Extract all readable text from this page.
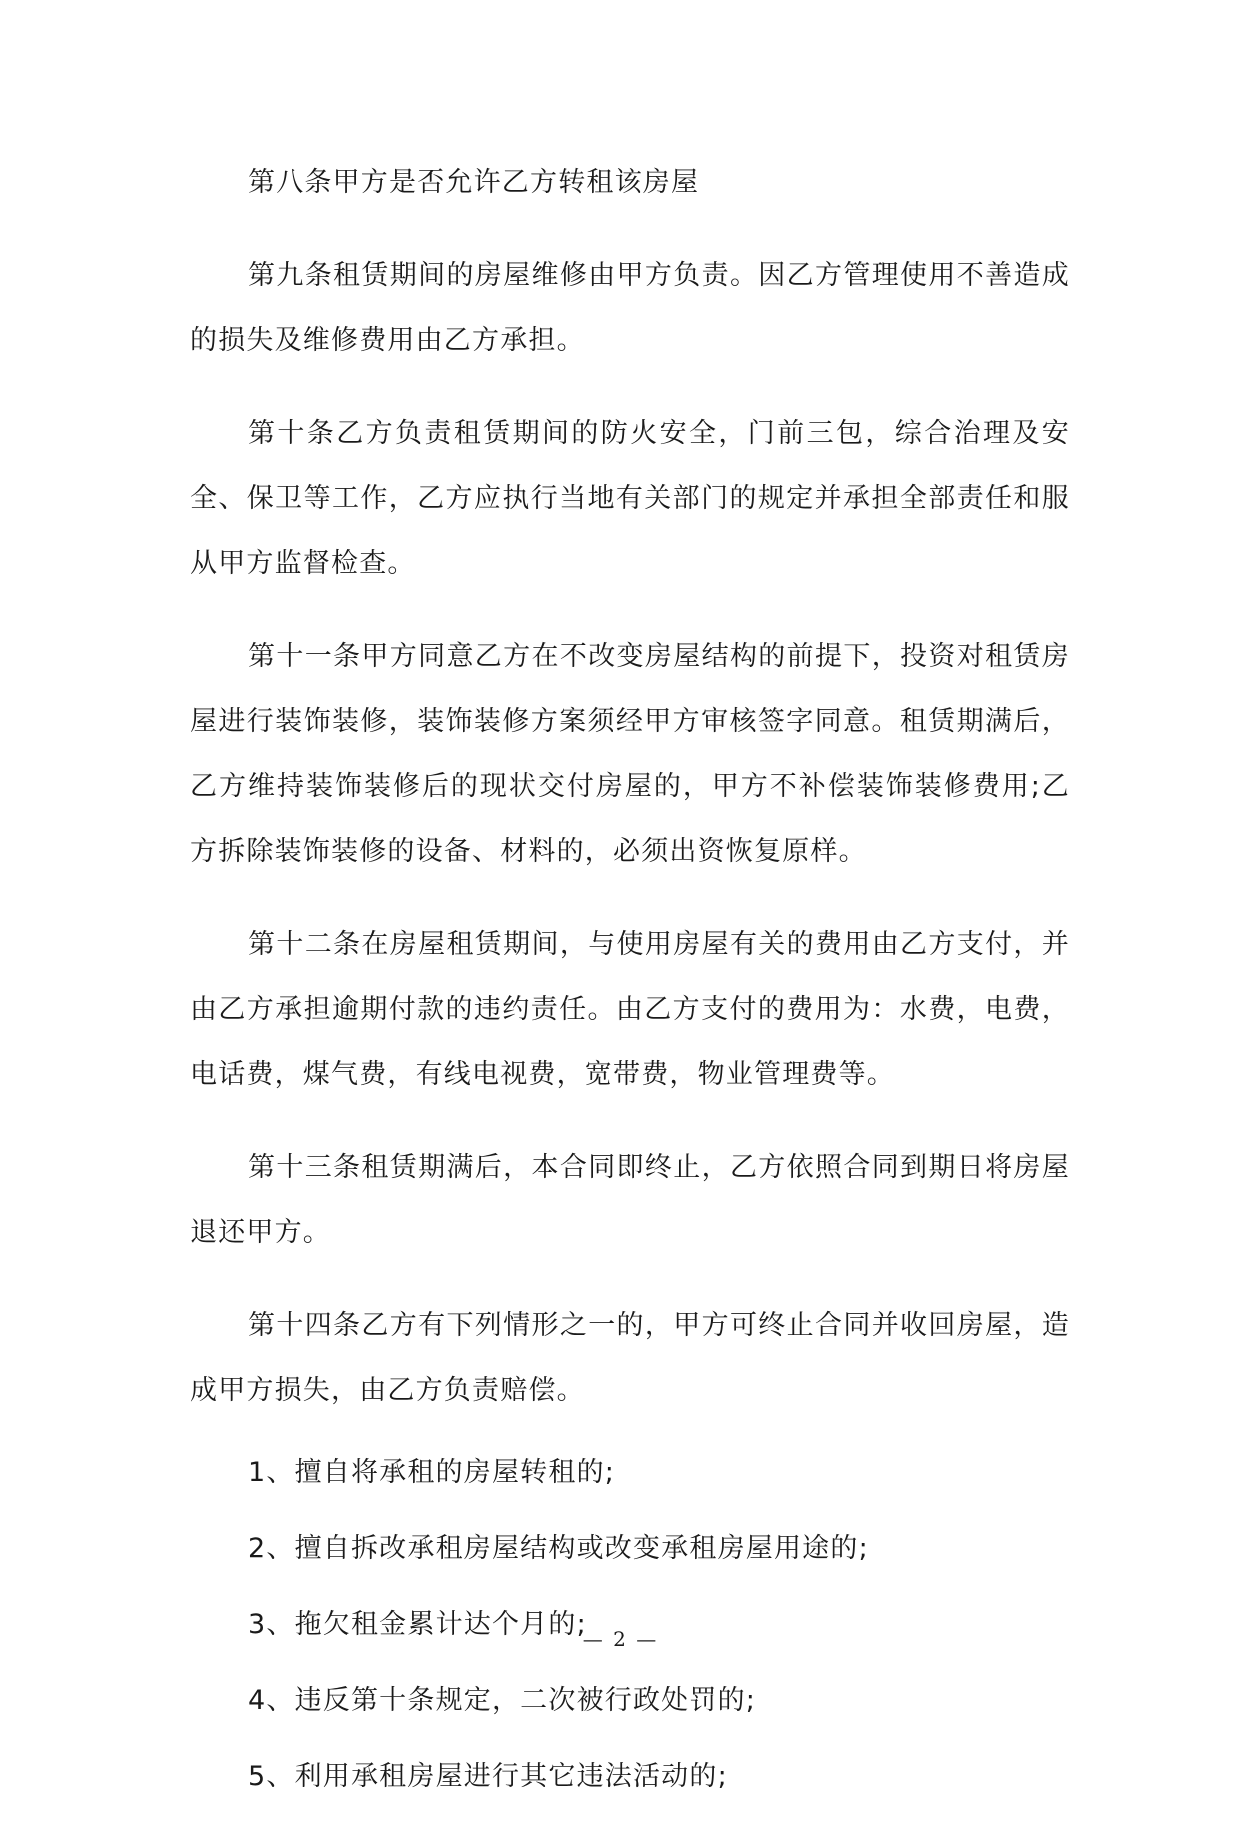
第八条甲方是否允许乙方转租该房屋

第九条租赁期间的房屋维修由甲方负责。因乙方管理使用不善造成的损失及维修费用由乙方承担。

第十条乙方负责租赁期间的防火安全，门前三包，综合治理及安全、保卫等工作，乙方应执行当地有关部门的规定并承担全部责任和服从甲方监督检查。

第十一条甲方同意乙方在不改变房屋结构的前提下，投资对租赁房屋进行装饰装修，装饰装修方案须经甲方审核签字同意。租赁期满后，乙方维持装饰装修后的现状交付房屋的，甲方不补偿装饰装修费用;乙方拆除装饰装修的设备、材料的，必须出资恢复原样。

第十二条在房屋租赁期间，与使用房屋有关的费用由乙方支付，并由乙方承担逾期付款的违约责任。由乙方支付的费用为：水费，电费，电话费，煤气费，有线电视费，宽带费，物业管理费等。

第十三条租赁期满后，本合同即终止，乙方依照合同到期日将房屋退还甲方。

第十四条乙方有下列情形之一的，甲方可终止合同并收回房屋，造成甲方损失，由乙方负责赔偿。

1、擅自将承租的房屋转租的;

2、擅自拆改承租房屋结构或改变承租房屋用途的;

3、拖欠租金累计达个月的;

4、违反第十条规定，二次被行政处罚的;

5、利用承租房屋进行其它违法活动的;

— 2 —
